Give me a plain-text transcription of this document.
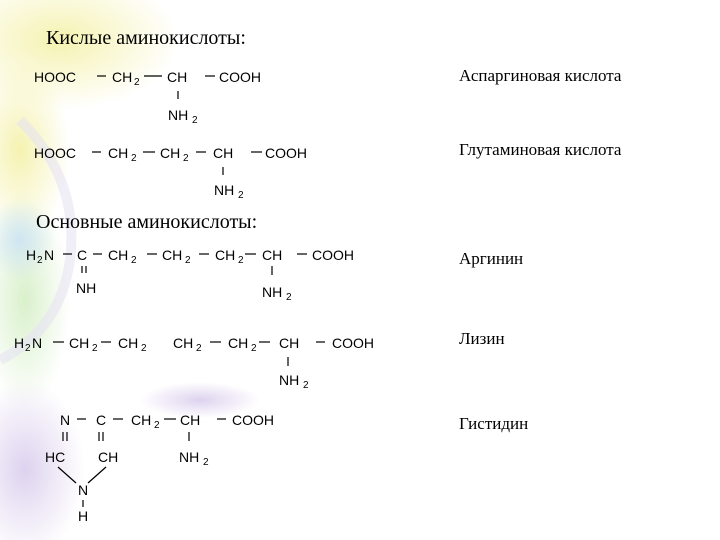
Кислые аминокислоты:
Основные аминокислоты:
Аспаргиновая кислота
Глутаминовая кислота
Аргинин
Лизин
Гистидин
HOOC	CH 2 CH COOH
NH 2
HOOC CH 2 CH 2 CH COOH
NH 2
H 2 N C CH 2 CH 2 CH 2 CH COOH
NH	NH 2
H 2 N CH 2 CH 2 CH 2 CH 2 CH COOH
NH 2
N C CH 2 CH COOH
HC CH	NH 2
N
H
